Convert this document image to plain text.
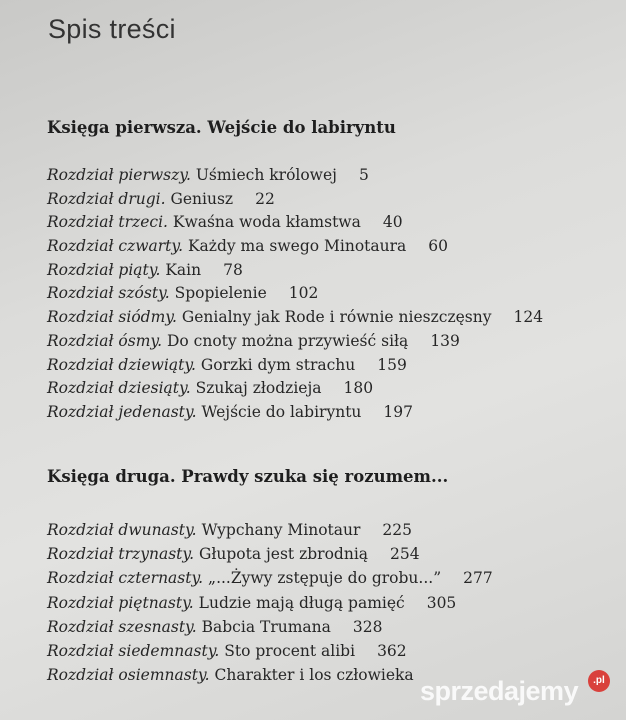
Spis treści
Księga pierwsza. Wejście do labiryntu
Rozdział pierwszy. Uśmiech królowej 5
Rozdział drugi. Geniusz 22
Rozdział trzeci. Kwaśna woda kłamstwa 40
Rozdział czwarty. Każdy ma swego Minotaura 60
Rozdział piąty. Kain 78
Rozdział szósty. Spopielenie 102
Rozdział siódmy. Genialny jak Rode i równie nieszczęsny 124
Rozdział ósmy. Do cnoty można przywieść siłą 139
Rozdział dziewiąty. Gorzki dym strachu 159
Rozdział dziesiąty. Szukaj złodzieja 180
Rozdział jedenasty. Wejście do labiryntu 197
Księga druga. Prawdy szuka się rozumem...
Rozdział dwunasty. Wypchany Minotaur 225
Rozdział trzynasty. Głupota jest zbrodnią 254
Rozdział czternasty. „...Żywy zstępuje do grobu...” 277
Rozdział piętnasty. Ludzie mają długą pamięć 305
Rozdział szesnasty. Babcia Trumana 328
Rozdział siedemnasty. Sto procent alibi 362
Rozdział osiemnasty. Charakter i los człowieka
sprzedajemy	.pl
